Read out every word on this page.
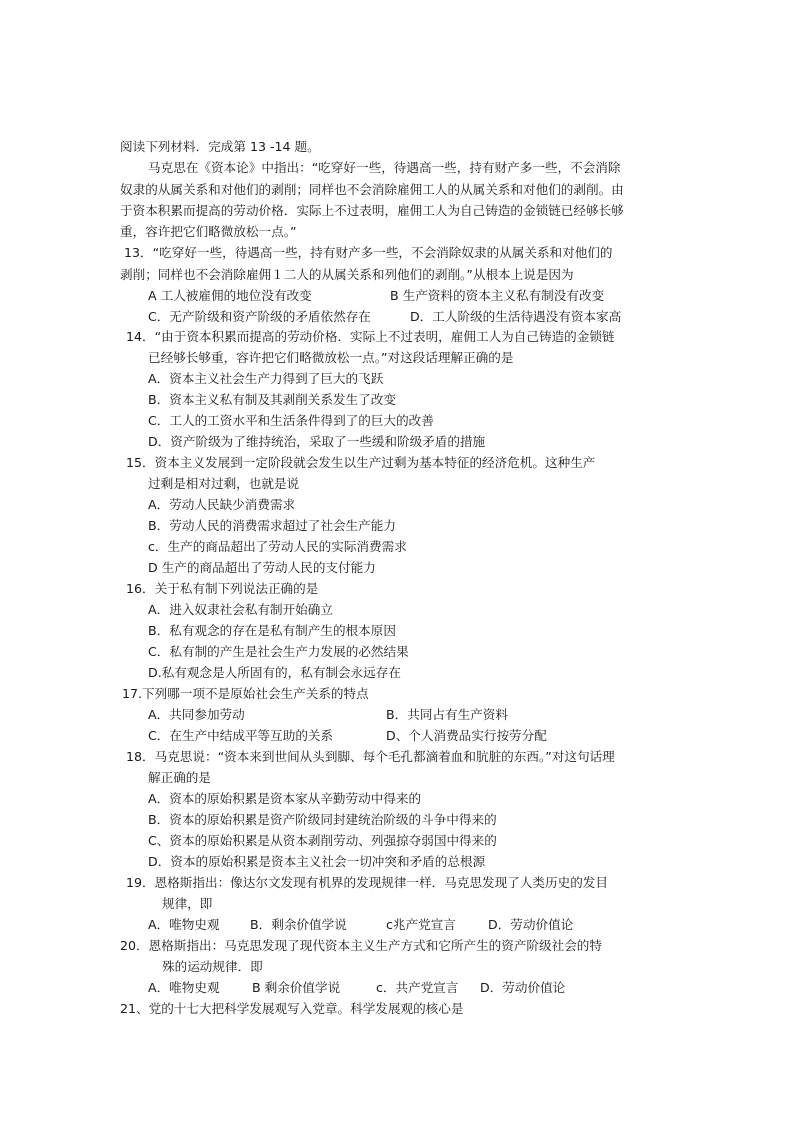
阅读下列材料．完成第 13 -14 题。
马克思在《资本论》中指出：“吃穿好一些，待遇高一些，持有财产多一些，不会消除
奴隶的从属关系和对他们的剥削；同样也不会消除雇佣工人的从属关系和对他们的剥削。由
于资本积累而提高的劳动价格．实际上不过表明，雇佣工人为自己铸造的金锁链已经够长够
重，容许把它们略微放松一点。”
13．“吃穿好一些，待遇高一些，持有财产多一些，不会消除奴隶的从属关系和对他们的
剥削；同样也不会消除雇佣１二人的从属关系和列他们的剥削。”从根本上说是因为
A 工人被雇佣的地位没有改变	B 生产资料的资本主义私有制没有改变
C．无产阶级和资产阶级的矛盾依然存在	D．工人阶级的生活待遇没有资本家高
14．“由于资本积累而提高的劳动价格．实际上不过表明，雇佣工人为自己铸造的金锁链
已经够长够重，容许把它们略微放松一点。”对这段话理解正确的是
A．资本主义社会生产力得到了巨大的飞跃
B．资本主义私有制及其剥削关系发生了改变
C．工人的工资水平和生活条件得到了的巨大的改善
D．资产阶级为了维持统治，采取了一些缓和阶级矛盾的措施
15．资本主义发展到一定阶段就会发生以生产过剩为基本特征的经济危机。这种生产
过剩是相对过剩，也就是说
A．劳动人民缺少消费需求
B．劳动人民的消费需求超过了社会生产能力
c．生产的商品超出了劳动人民的实际消费需求
D 生产的商品超出了劳动人民的支付能力
16．关于私有制下列说法正确的是
A．进入奴隶社会私有制开始确立
B．私有观念的存在是私有制产生的根本原因
C．私有制的产生是社会生产力发展的必然结果
D.私有观念是人所固有的，私有制会永远存在
17.下列哪一项不是原始社会生产关系的特点
A．共同参加劳动	B．共同占有生产资料
C．在生产中结成平等互助的关系	D、个人消费品实行按劳分配
18．马克思说：“资本来到世间从头到脚、每个毛孔都滴着血和肮脏的东西。”对这句话理
解正确的是
A．资本的原始积累是资本家从辛勤劳动中得来的
B．资本的原始积累是资产阶级同封建统治阶级的斗争中得来的
C、资本的原始积累是从资本剥削劳动、列强掠夺弱国中得来的
D．资本的原始积累是资本主义社会一切冲突和矛盾的总根源
19．恩格斯指出：像达尔文发现有机界的发现规律一样．马克思发现了人类历史的发目
规律，即
A．唯物史观 B．剩余价值学说	c兆产党宣言	D．劳动价值论
20．恩格斯指出：马克思发现了现代资本主义生产方式和它所产生的资产阶级社会的特
殊的运动规律．即
A．唯物史观	B 剩余价值学说	c．共产党宣言 D．劳动价值论
21、党的十七大把科学发展观写入党章。科学发展观的核心是
